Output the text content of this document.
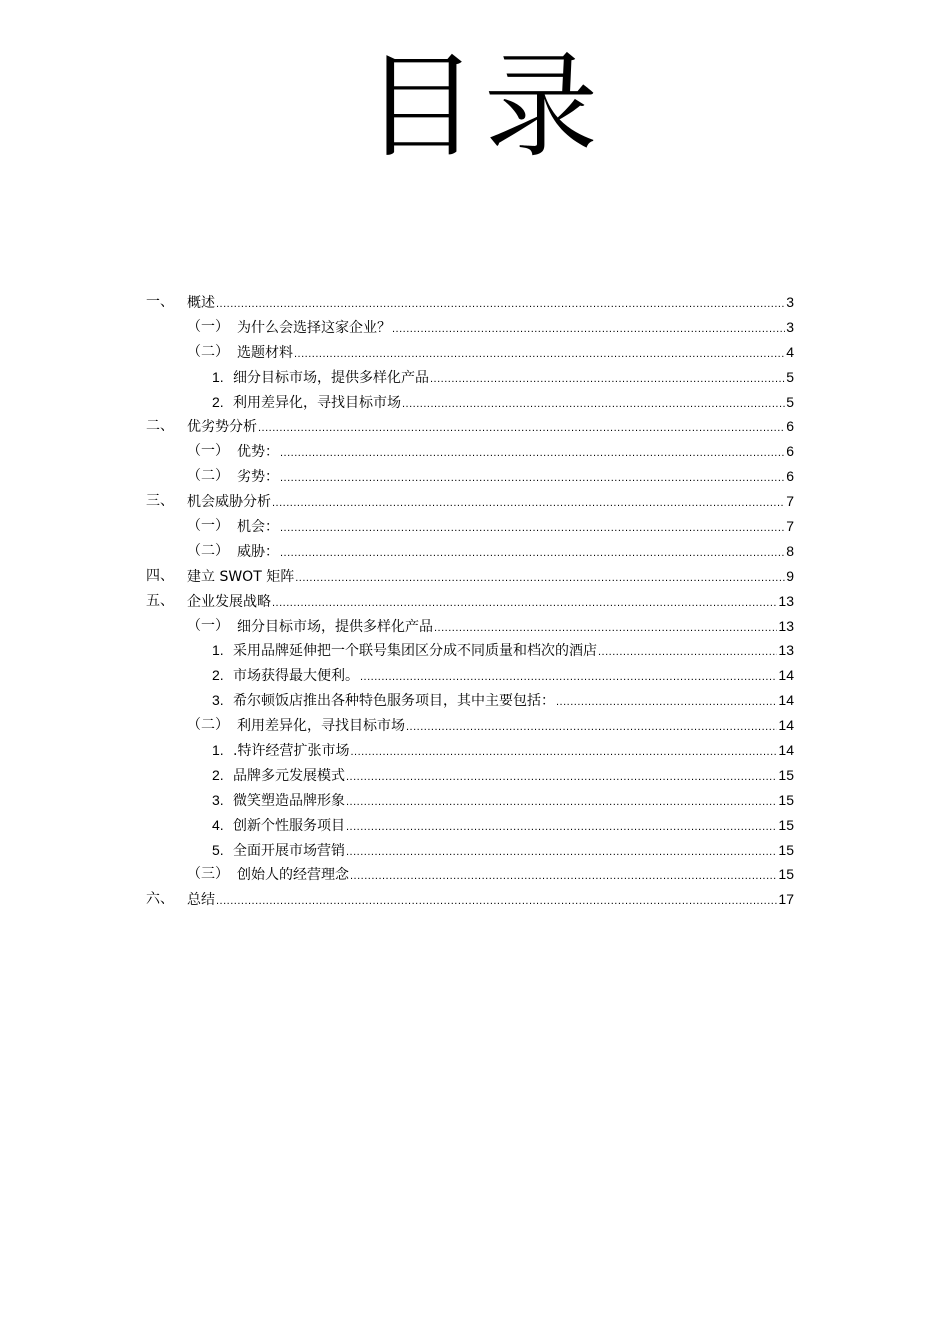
目录
一、 概述 .....	3
（一） 为什么会选择这家企业？ .....	3
（二） 选题材料 .....	4
1. 细分目标市场，提供多样化产品 .....	5
2. 利用差异化，寻找目标市场 .....	5
二、 优劣势分析 .....	6
（一） 优势： .....	6
（二） 劣势： .....	6
三、 机会威胁分析 .....	7
（一） 机会： .....	7
（二） 威胁： .....	8
四、 建立 SWOT 矩阵 .....	9
五、 企业发展战略 .....	13
（一） 细分目标市场，提供多样化产品 .....	13
1. 采用品牌延伸把一个联号集团区分成不同质量和档次的酒店 .....	13
2. 市场获得最大便利。 .....	14
3. 希尔顿饭店推出各种特色服务项目，其中主要包括： .....	14
（二） 利用差异化，寻找目标市场 .....	14
1. .特许经营扩张市场 .....	14
2. 品牌多元发展模式 .....	15
3. 微笑塑造品牌形象 .....	15
4. 创新个性服务项目 .....	15
5. 全面开展市场营销 .....	15
（三） 创始人的经营理念 .....	15
六、 总结 .....	17
